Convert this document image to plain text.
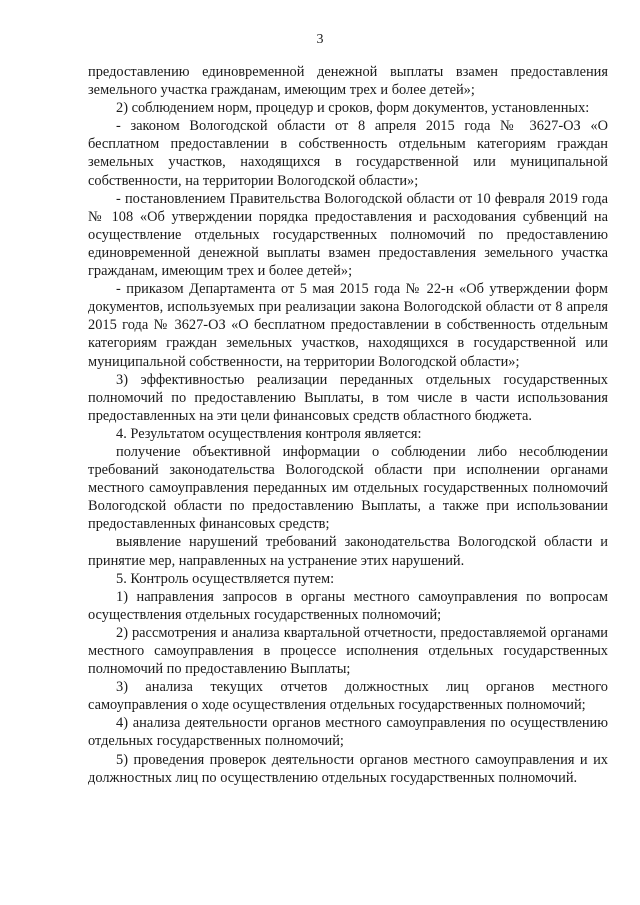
3

предоставлению единовременной денежной выплаты взамен предоставления земельного участка гражданам, имеющим трех и более детей»;

2) соблюдением норм, процедур и сроков, форм документов, установленных:

- законом Вологодской области от 8 апреля 2015 года № 3627-ОЗ «О бесплатном предоставлении в собственность отдельным категориям граждан земельных участков, находящихся в государственной или муниципальной собственности, на территории Вологодской области»;

- постановлением Правительства Вологодской области от 10 февраля 2019 года № 108 «Об утверждении порядка предоставления и расходования субвенций на осуществление отдельных государственных полномочий по предоставлению единовременной денежной выплаты взамен предоставления земельного участка гражданам, имеющим трех и более детей»;

- приказом Департамента от 5 мая 2015 года № 22-н «Об утверждении форм документов, используемых при реализации закона Вологодской области от 8 апреля 2015 года № 3627-ОЗ «О бесплатном предоставлении в собственность отдельным категориям граждан земельных участков, находящихся в государственной или муниципальной собственности, на территории Вологодской области»;

3) эффективностью реализации переданных отдельных государственных полномочий по предоставлению Выплаты, в том числе в части использования предоставленных на эти цели финансовых средств областного бюджета.

4. Результатом осуществления контроля является:

получение объективной информации о соблюдении либо несоблюдении требований законодательства Вологодской области при исполнении органами местного самоуправления переданных им отдельных государственных полномочий Вологодской области по предоставлению Выплаты, а также при использовании предоставленных финансовых средств;

выявление нарушений требований законодательства Вологодской области и принятие мер, направленных на устранение этих нарушений.

5. Контроль осуществляется путем:

1) направления запросов в органы местного самоуправления по вопросам осуществления отдельных государственных полномочий;

2) рассмотрения и анализа квартальной отчетности, предоставляемой органами местного самоуправления в процессе исполнения отдельных государственных полномочий по предоставлению Выплаты;

3) анализа текущих отчетов должностных лиц органов местного самоуправления о ходе осуществления отдельных государственных полномочий;

4) анализа деятельности органов местного самоуправления по осуществлению отдельных государственных полномочий;

5) проведения проверок деятельности органов местного самоуправления и их должностных лиц по осуществлению отдельных государственных полномочий.
